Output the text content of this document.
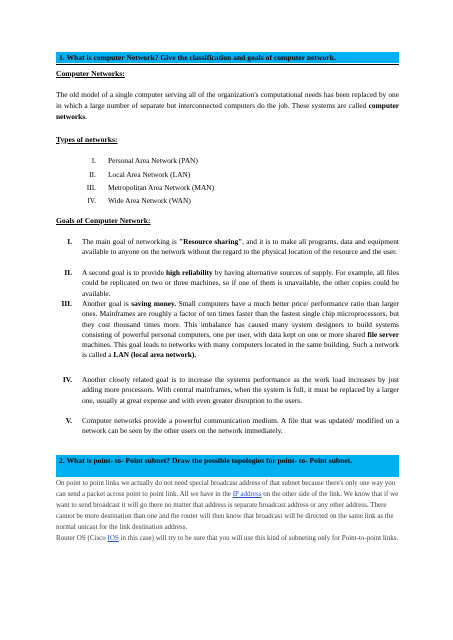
1. What is computer Network? Give the classification and goals of computer network.
Computer Networks:
The old model of a single computer serving all of the organization's computational needs has been replaced by one in which a large number of separate but interconnected computers do the job. These systems are called computer networks.
Types of networks:
I. Personal Area Network (PAN)
II. Local Area Network (LAN)
III. Metropolitan Area Network (MAN)
IV. Wide Area Network (WAN)
Goals of Computer Network:
I. The main goal of networking is "Resource sharing", and it is to make all programs, data and equipment available to anyone on the network without the regard to the physical location of the resource and the user.
II. A second goal is to provide high reliability by having alternative sources of supply. For example, all files could be replicated on two or three machines, so if one of them is unavailable, the other copies could be available.
III. Another goal is saving money. Small computers have a much better price/ performance ratio than larger ones. Mainframes are roughly a factor of ten times faster than the fastest single chip microprocessors, but they cost thousand times more. This imbalance has caused many system designers to build systems consisting of powerful personal computers, one per user, with data kept on one or more shared file server machines. This goal leads to networks with many computers located in the same building. Such a network is called a LAN (local area network).
IV. Another closely related goal is to increase the systems performance as the work load increases by just adding more processors. With central mainframes, when the system is full, it must be replaced by a larger one, usually at great expense and with even greater disruption to the users.
V. Computer networks provide a powerful communication medium. A file that was updated/ modified on a network can be seen by the other users on the network immediately.
2. What is point- to- Point subnet? Draw the possible topologies for point- to- Point subnet.

On point to point links we actually do not need special broadcast address of that subnet because there's only one way you can send a packet across point to point link. All we have in the IP address on the other side of the link. We know that if we want to send broadcast it will go there no matter that address is separate broadcast address or any other address. There cannot be more destination than one and the router will then know that broadcast will be directed on the same link as the normal unicast for the link destination address.

Router OS (Cisco IOS in this case) will try to be sure that you will use this kind of subneting only for Point-to-point links.
